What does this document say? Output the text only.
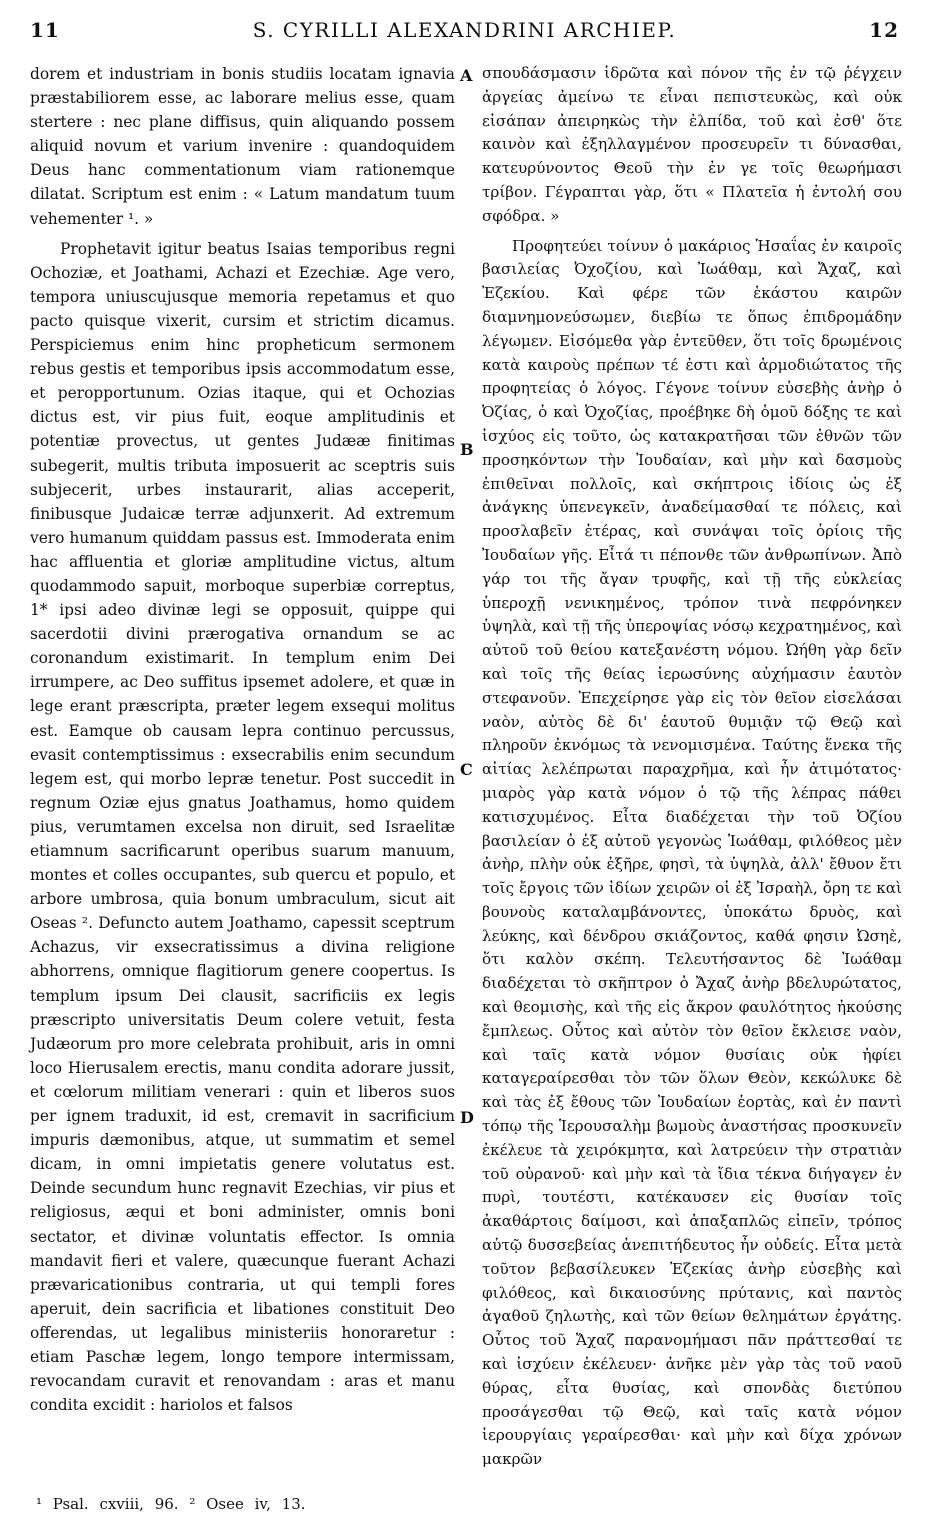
11	S. CYRILLI ALEXANDRINI ARCHIEP.	12

dorem et industriam in bonis studiis locatam ignavia præstabiliorem esse, ac laborare melius esse, quam stertere : nec plane diffisus, quin aliquando possem aliquid novum et varium invenire : quandoquidem Deus hanc commentationum viam rationemque dilatat. Scriptum est enim : « Latum mandatum tuum vehementer ¹. »

Prophetavit igitur beatus Isaias temporibus regni Ochoziæ, et Joathami, Achazi et Ezechiæ. Age vero, tempora uniuscujusque memoria repetamus et quo pacto quisque vixerit, cursim et strictim dicamus. Perspiciemus enim hinc propheticum sermonem rebus gestis et temporibus ipsis accommodatum esse, et peropportunum. Ozias itaque, qui et Ochozias dictus est, vir pius fuit, eoque amplitudinis et potentiæ provectus, ut gentes Judææ finitimas subegerit, multis tributa imposuerit ac sceptris suis subjecerit, urbes instaurarit, alias acceperit, finibusque Judaicæ terræ adjunxerit. Ad extremum vero humanum quiddam passus est. Immoderata enim hac affluentia et gloriæ amplitudine victus, altum quodammodo sapuit, morboque superbiæ correptus, 1* ipsi adeo divinæ legi se opposuit, quippe qui sacerdotii divini prærogativa ornandum se ac coronandum existimarit. In templum enim Dei irrumpere, ac Deo suffitus ipsemet adolere, et quæ in lege erant præscripta, præter legem exsequi molitus est. Eamque ob causam lepra continuo percussus, evasit contemptissimus : exsecrabilis enim secundum legem est, qui morbo lepræ tenetur. Post succedit in regnum Oziæ ejus gnatus Joathamus, homo quidem pius, verumtamen excelsa non diruit, sed Israelitæ etiamnum sacrificarunt operibus suarum manuum, montes et colles occupantes, sub quercu et populo, et arbore umbrosa, quia bonum umbraculum, sicut ait Oseas ². Defuncto autem Joathamo, capessit sceptrum Achazus, vir exsecratissimus a divina religione abhorrens, omnique flagitiorum genere coopertus. Is templum ipsum Dei clausit, sacrificiis ex legis præscripto universitatis Deum colere vetuit, festa Judæorum pro more celebrata prohibuit, aris in omni loco Hierusalem erectis, manu condita adorare jussit, et cœlorum militiam venerari : quin et liberos suos per ignem traduxit, id est, cremavit in sacrificium impuris dæmonibus, atque, ut summatim et semel dicam, in omni impietatis genere volutatus est. Deinde secundum hunc regnavit Ezechias, vir pius et religiosus, æqui et boni administer, omnis boni sectator, et divinæ voluntatis effector. Is omnia mandavit fieri et valere, quæcunque fuerant Achazi prævaricationibus contraria, ut qui templi fores aperuit, dein sacrificia et libationes constituit Deo offerendas, ut legalibus ministeriis honoraretur : etiam Paschæ legem, longo tempore intermissam, revocandam curavit et renovandam : aras et manu condita excidit : hariolos et falsos

A
B
C
D

σπουδάσμασιν ἱδρῶτα καὶ πόνον τῆς ἐν τῷ ῥέγχειν ἀργείας ἀμείνω τε εἶναι πεπιστευκὼς, καὶ οὐκ εἰσάπαν ἀπειρηκὼς τὴν ἐλπίδα, τοῦ καὶ ἐσθ' ὅτε καινὸν καὶ ἐξηλλαγμένον προσευρεῖν τι δύνασθαι, κατευρύνοντος Θεοῦ τὴν ἐν γε τοῖς θεωρήμασι τρίβον. Γέγραπται γὰρ, ὅτι « Πλατεῖα ἡ ἐντολή σου σφόδρα. »

Προφητεύει τοίνυν ὁ μακάριος Ἡσαΐας ἐν καιροῖς βασιλείας Ὀχοζίου, καὶ Ἰωάθαμ, καὶ Ἄχαζ, καὶ Ἐζεκίου. Καὶ φέρε τῶν ἑκάστου καιρῶν διαμνημονεύσωμεν, διεβίω τε ὅπως ἐπιδρομάδην λέγωμεν. Εἰσόμεθα γὰρ ἐντεῦθεν, ὅτι τοῖς δρωμένοις κατὰ καιροὺς πρέπων τέ ἐστι καὶ ἁρμοδιώτατος τῆς προφητείας ὁ λόγος. Γέγονε τοίνυν εὐσεβὴς ἀνὴρ ὁ Ὀζίας, ὁ καὶ Ὀχοζίας, προέβηκε δὴ ὁμοῦ δόξης τε καὶ ἰσχύος εἰς τοῦτο, ὡς κατακρατῆσαι τῶν ἐθνῶν τῶν προσηκόντων τὴν Ἰουδαίαν, καὶ μὴν καὶ δασμοὺς ἐπιθεῖναι πολλοῖς, καὶ σκήπτροις ἰδίοις ὡς ἐξ ἀνάγκης ὑπενεγκεῖν, ἀναδείμασθαί τε πόλεις, καὶ προσλαβεῖν ἑτέρας, καὶ συνάψαι τοῖς ὁρίοις τῆς Ἰουδαίων γῆς. Εἶτά τι πέπονθε τῶν ἀνθρωπίνων. Ἀπὸ γάρ τοι τῆς ἄγαν τρυφῆς, καὶ τῇ τῆς εὐκλείας ὑπεροχῇ νενικημένος, τρόπον τινὰ πεφρόνηκεν ὑψηλὰ, καὶ τῇ τῆς ὑπεροψίας νόσῳ κεχρατημένος, καὶ αὐτοῦ τοῦ θείου κατεξανέστη νόμου. Ὠήθη γὰρ δεῖν καὶ τοῖς τῆς θείας ἱερωσύνης αὐχήμασιν ἑαυτὸν στεφανοῦν. Ἐπεχείρησε γὰρ εἰς τὸν θεῖον εἰσελάσαι ναὸν, αὐτὸς δὲ δι' ἑαυτοῦ θυμιᾷν τῷ Θεῷ καὶ πληροῦν ἐκνόμως τὰ νενομισμένα. Ταύτης ἕνεκα τῆς αἰτίας λελέπρωται παραχρῆμα, καὶ ἦν ἀτιμότατος· μιαρὸς γὰρ κατὰ νόμον ὁ τῷ τῆς λέπρας πάθει κατισχυμένος. Εἶτα διαδέχεται τὴν τοῦ Ὀζίου βασιλείαν ὁ ἐξ αὐτοῦ γεγονὼς Ἰωάθαμ, φιλόθεος μὲν ἀνὴρ, πλὴν οὐκ ἐξῆρε, φησὶ, τὰ ὑψηλὰ, ἀλλ' ἔθυον ἔτι τοῖς ἔργοις τῶν ἰδίων χειρῶν οἱ ἐξ Ἰσραὴλ, ὄρη τε καὶ βουνοὺς καταλαμβάνοντες, ὑποκάτω δρυὸς, καὶ λεύκης, καὶ δένδρου σκιάζοντος, καθά φησιν Ὠσηὲ, ὅτι καλὸν σκέπη. Τελευτήσαντος δὲ Ἰωάθαμ διαδέχεται τὸ σκῆπτρον ὁ Ἄχαζ ἀνὴρ βδελυρώτατος, καὶ θεομισὴς, καὶ τῆς εἰς ἄκρον φαυλότητος ἠκούσης ἔμπλεως. Οὗτος καὶ αὐτὸν τὸν θεῖον ἔκλεισε ναὸν, καὶ ταῖς κατὰ νόμον θυσίαις οὐκ ἠφίει καταγεραίρεσθαι τὸν τῶν ὅλων Θεὸν, κεκώλυκε δὲ καὶ τὰς ἐξ ἔθους τῶν Ἰουδαίων ἑορτὰς, καὶ ἐν παντὶ τόπῳ τῆς Ἱερουσαλὴμ βωμοὺς ἀναστήσας προσκυνεῖν ἐκέλευε τὰ χειρόκμητα, καὶ λατρεύειν τὴν στρατιὰν τοῦ οὐρανοῦ· καὶ μὴν καὶ τὰ ἴδια τέκνα διήγαγεν ἐν πυρὶ, τουτέστι, κατέκαυσεν εἰς θυσίαν τοῖς ἀκαθάρτοις δαίμοσι, καὶ ἁπαξαπλῶς εἰπεῖν, τρόπος αὐτῷ δυσσεβείας ἀνεπιτήδευτος ἦν οὐδείς. Εἶτα μετὰ τοῦτον βεβασίλευκεν Ἐζεκίας ἀνὴρ εὐσεβὴς καὶ φιλόθεος, καὶ δικαιοσύνης πρύτανις, καὶ παντὸς ἀγαθοῦ ζηλωτὴς, καὶ τῶν θείων θελημάτων ἐργάτης. Οὗτος τοῦ Ἄχαζ παρανομήμασι πᾶν πράττεσθαί τε καὶ ἰσχύειν ἐκέλευεν· ἀνῆκε μὲν γὰρ τὰς τοῦ ναοῦ θύρας, εἶτα θυσίας, καὶ σπονδὰς διετύπου προσάγεσθαι τῷ Θεῷ, καὶ ταῖς κατὰ νόμον ἱερουργίαις γεραίρεσθαι· καὶ μὴν καὶ δίχα χρόνων μακρῶν

¹ Psal. cxviii, 96. ² Osee iv, 13.
